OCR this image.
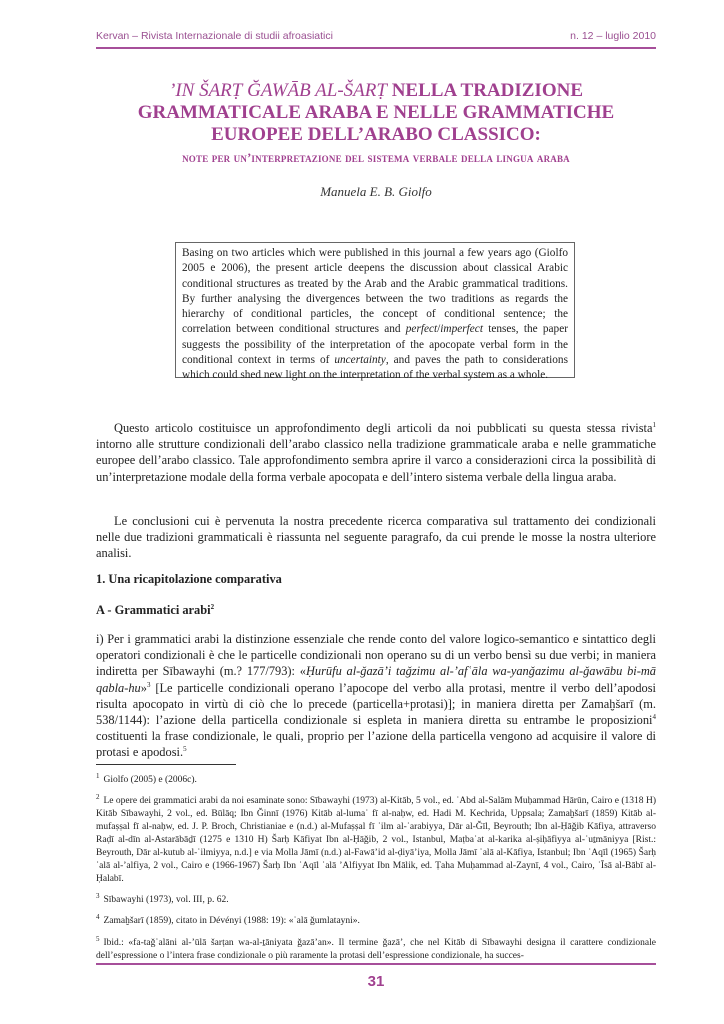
Kervan – Rivista Internazionale di studii afroasiatici	n. 12 – luglio 2010
’IN ŠARṬ ĞAWĀB AL-ŠARṬ NELLA TRADIZIONE
GRAMMATICALE ARABA E NELLE GRAMMATICHE
EUROPEE DELL’ARABO CLASSICO:
note per un’interpretazione del sistema verbale della lingua araba
Manuela E. B. Giolfo
Basing on two articles which were published in this journal a few years ago (Giolfo 2005 e 2006), the present article deepens the discussion about classical Arabic conditional structures as treated by the Arab and the Arabic grammatical traditions. By further analysing the divergences between the two traditions as regards the hierarchy of conditional particles, the concept of conditional sentence; the correlation between conditional structures and perfect/imperfect tenses, the paper suggests the possibility of the interpretation of the apocopate verbal form in the conditional context in terms of uncertainty, and paves the path to considerations which could shed new light on the interpretation of the verbal system as a whole.

Questo articolo costituisce un approfondimento degli articoli da noi pubblicati su questa stessa rivista$^1$ intorno alle strutture condizionali dell’arabo classico nella tradizione grammaticale araba e nelle grammatiche europee dell’arabo classico. Tale approfondimento sembra aprire il varco a considerazioni circa la possibilità di un’interpretazione modale della forma verbale apocopata e dell’intero sistema verbale della lingua araba.

Le conclusioni cui è pervenuta la nostra precedente ricerca comparativa sul trattamento dei condizionali nelle due tradizioni grammaticali è riassunta nel seguente paragrafo, da cui prende le mosse la nostra ulteriore analisi.

1. Una ricapitolazione comparativa
A - Grammatici arabi$^2$

i) Per i grammatici arabi la distinzione essenziale che rende conto del valore logico-semantico e sintattico degli operatori condizionali è che le particelle condizionali non operano su di un verbo bensì su due verbi; in maniera indiretta per Sībawayhi (m.? 177/793): «Ḥurūfu al-ǧazā’i taǧzimu al-’afʿāla wa-yanǧazimu al-ǧawābu bi-mā qabla-hu»$^3$ [Le particelle condizionali operano l’apocope del verbo alla protasi, mentre il verbo dell’apodosi risulta apocopato in virtù di ciò che lo precede (particella+protasi)]; in maniera diretta per Zamaḫšarī (m. 538/1144): l’azione della particella condizionale si espleta in maniera diretta su entrambe le proposizioni$^4$ costituenti la frase condizionale, le quali, proprio per l’azione della particella vengono ad acquisire il valore di protasi e apodosi.$^5$

$^1$ Giolfo (2005) e (2006c).

$^2$ Le opere dei grammatici arabi da noi esaminate sono: Sībawayhi (1973) al-Kitāb, 5 vol., ed. ʿAbd al-Salām Muḥammad Hārūn, Cairo e (1318 H) Kitāb Sībawayhi, 2 vol., ed. Būlāq; Ibn Ǧinnī (1976) Kitāb al-lumaʿ fī al-naḥw, ed. Hadi M. Kechrida, Uppsala; Zamaḫšarī (1859) Kitāb al-mufaṣṣal fī al-naḥw, ed. J. P. Broch, Christianiae e (n.d.) al-Mufaṣṣal fī ʿilm al-ʿarabiyya, Dār al-Ǧīl, Beyrouth; Ibn al-Ḥāǧib Kāfiya, attraverso Raḍī al-dīn al-Astarābāḏī (1275 e 1310 H) Šarḥ Kāfiyat Ibn al-Ḥāǧib, 2 vol., Istanbul, Maṭbaʿat al-karika al-ṣiḥāfiyya al-ʿuṯmāniyya [Rist.: Beyrouth, Dār al-kutub al-ʿilmiyya, n.d.] e via Molla Jāmī (n.d.) al-Fawā’id al-ḍiyā’iya, Molla Jāmī ʿalā al-Kāfiya, Istanbul; Ibn ʿAqīl (1965) Šarḥ ʿalā al-’alfiya, 2 vol., Cairo e (1966-1967) Šarḥ Ibn ʿAqīl ʿalā ’Alfiyyat Ibn Mālik, ed. Ṭaha Muḥammad al-Zaynī, 4 vol., Cairo, ʿĪsā al-Bābī al-Ḥalabī.

$^3$ Sībawayhi (1973), vol. III, p. 62.

$^4$ Zamaḫšarī (1859), citato in Dévényi (1988: 19): «ʿalā ǧumlatayni».

$^5$ Ibid.: «fa-taǧʿalāni al-’ūlā šarṭan wa-al-ṯāniyata ǧazā’an». Il termine ǧazā’, che nel Kitāb di Sībawayhi designa il carattere condizionale dell’espressione o l’intera frase condizionale o più raramente la protasi dell’espressione condizionale, ha succes-

31
